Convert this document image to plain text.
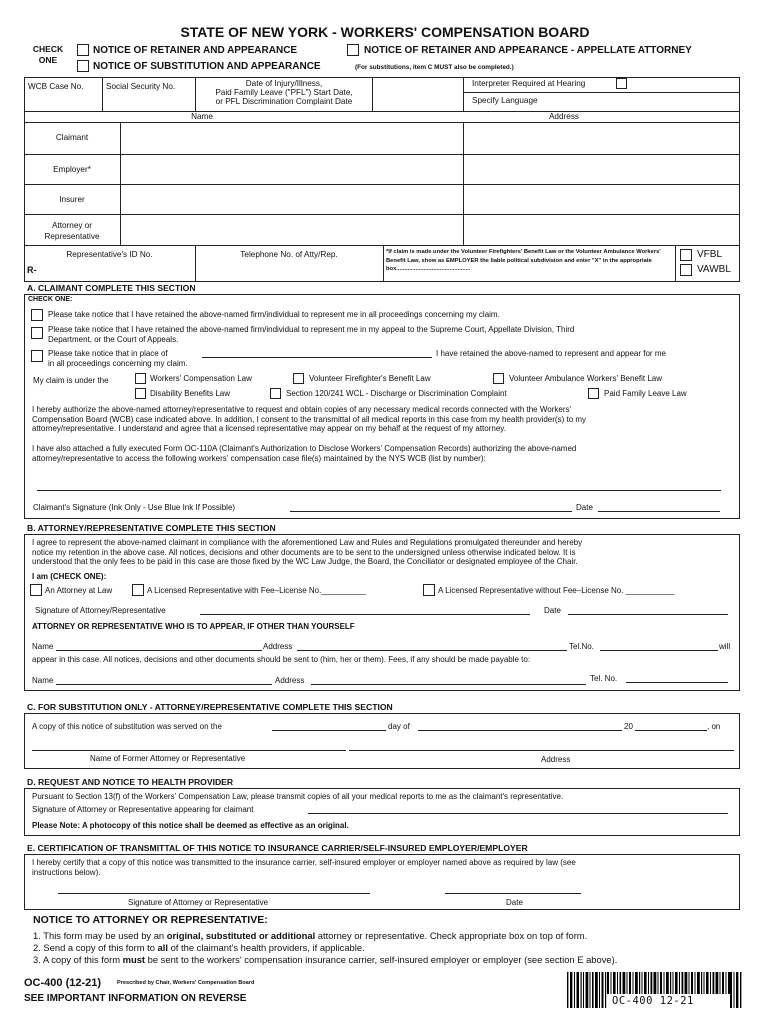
STATE OF NEW YORK - WORKERS' COMPENSATION BOARD
CHECK ONE
NOTICE OF RETAINER AND APPEARANCE	NOTICE OF RETAINER AND APPEARANCE - APPELLATE ATTORNEY
NOTICE OF SUBSTITUTION AND APPEARANCE	(For substitutions, item C MUST also be completed.)
WCB Case No.	Social Security No.	Date of Injury/Illness,
Paid Family Leave ("PFL") Start Date,
or PFL Discrimination Complaint Date
Interpreter Required at Hearing
Specify Language
Name	Address
Claimant
Employer*
Insurer
Attorney or
Representative
Representative's ID No.
R-
Telephone No. of Atty/Rep.	*If claim is made under the Volunteer Firefighters' Benefit Law or the Volunteer Ambulance Workers' Benefit Law, show as EMPLOYER the liable political subdivision and enter "X" in the appropriate box..............................................
VFBL
VAWBL
A. CLAIMANT COMPLETE THIS SECTION
CHECK ONE:
Please take notice that I have retained the above-named firm/individual to represent me in all proceedings concerning my claim.
Please take notice that I have retained the above-named firm/individual to represent me in my appeal to the Supreme Court, Appellate Division, Third
Department, or the Court of Appeals.
Please take notice that in place of	I have retained the above-named to represent and appear for me
in all proceedings concerning my claim.
My claim is under the	Workers' Compensation Law	Volunteer Firefighter's Benefit Law	Volunteer Ambulance Workers' Benefit Law
Disability Benefits Law	Section 120/241 WCL - Discharge or Discrimination Complaint	Paid Family Leave Law
I hereby authorize the above-named attorney/representative to request and obtain copies of any necessary medical records connected with the Workers'
Compensation Board (WCB) case indicated above. In addition, I consent to the transmittal of all medical reports in this case from my health provider(s) to my
attorney/representative. I understand and agree that a licensed representative may appear on my behalf at the request of my attorney.
I have also attached a fully executed Form OC-110A (Claimant's Authorization to Disclose Workers' Compensation Records) authorizing the above-named
attorney/representative to access the following workers' compensation case file(s) maintained by the NYS WCB (list by number):
Claimant's Signature (Ink Only - Use Blue Ink If Possible)	Date
B. ATTORNEY/REPRESENTATIVE COMPLETE THIS SECTION
I agree to represent the above-named claimant in compliance with the aforementioned Law and Rules and Regulations promulgated thereunder and hereby
notice my retention in the above case. All notices, decisions and other documents are to be sent to the undersigned unless otherwise indicated below. It is
understood that the only fees to be paid in this case are those fixed by the WC Law Judge, the Board, the Conciliator or designated employee of the Chair.
I am (CHECK ONE):
An Attorney at Law	A Licensed Representative with Fee–License No.__________	A Licensed Representative without Fee–License No. ___________
Signature of Attorney/Representative	Date
ATTORNEY OR REPRESENTATIVE WHO IS TO APPEAR, IF OTHER THAN YOURSELF
Name	Address	Tel.No.	will
appear in this case. All notices, decisions and other documents should be sent to (him, her or them). Fees, if any should be made payable to:
Name	Address	Tel. No.
C. FOR SUBSTITUTION ONLY - ATTORNEY/REPRESENTATIVE COMPLETE THIS SECTION
A copy of this notice of substitution was served on the	day of	20	, on
Name of Former Attorney or Representative	Address
D. REQUEST AND NOTICE TO HEALTH PROVIDER
Pursuant to Section 13(f) of the Workers' Compensation Law, please transmit copies of all your medical reports to me as the claimant's representative.
Signature of Attorney or Representative appearing for claimant
Please Note: A photocopy of this notice shall be deemed as effective as an original.
E. CERTIFICATION OF TRANSMITTAL OF THIS NOTICE TO INSURANCE CARRIER/SELF-INSURED EMPLOYER/EMPLOYER
I hereby certify that a copy of this notice was transmitted to the insurance carrier, self-insured employer or employer named above as required by law (see
instructions below).
Signature of Attorney or Representative	Date
NOTICE TO ATTORNEY OR REPRESENTATIVE:
1. This form may be used by an original, substituted or additional attorney or representative. Check appropriate box on top of form.
2. Send a copy of this form to all of the claimant's health providers, if applicable.
3. A copy of this form must be sent to the workers' compensation insurance carrier, self-insured employer or employer (see section E above).
OC-400 (12-21)	Prescribed by Chair, Workers' Compensation Board
SEE IMPORTANT INFORMATION ON REVERSE	OC-400 12-21
